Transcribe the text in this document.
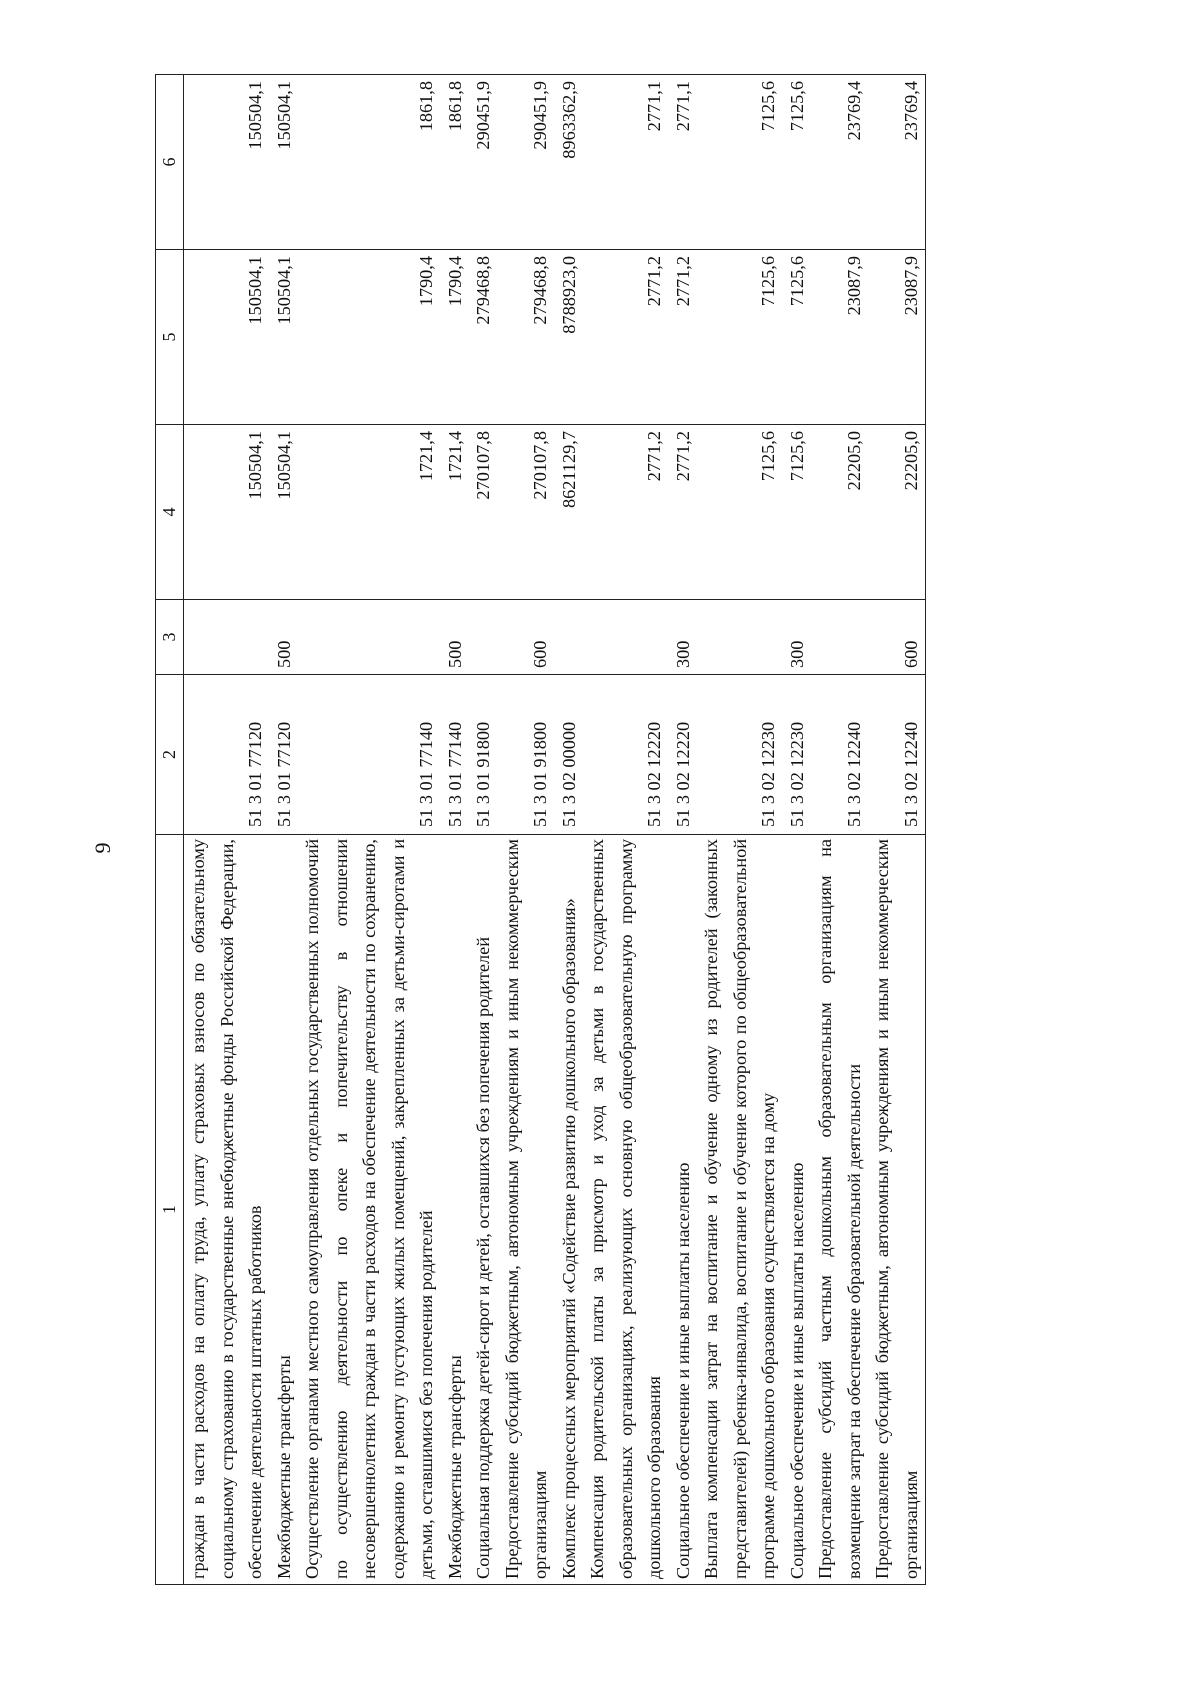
9
1	2	3	4	5	6
граждан в части расходов на оплату труда, уплату страховых взносов по обязательному социальному страхованию в государственные внебюджетные фонды Российской Федерации, обеспечение деятельности штатных работников	51 3 01 77120		150504,1	150504,1	150504,1
Межбюджетные трансферты	51 3 01 77120	500	150504,1	150504,1	150504,1
Осуществление органами местного самоуправления отдельных государственных полномочий по осуществлению деятельности по опеке и попечительству в отношении несовершеннолетних граждан в части расходов на обеспечение деятельности по сохранению, содержанию и ремонту пустующих жилых помещений, закрепленных за детьми-сиротами и детьми, оставшимися без попечения родителей	51 3 01 77140		1721,4	1790,4	1861,8
Межбюджетные трансферты	51 3 01 77140	500	1721,4	1790,4	1861,8
Социальная поддержка детей-сирот и детей, оставшихся без попечения родителей	51 3 01 91800		270107,8	279468,8	290451,9
Предоставление субсидий бюджетным, автономным учреждениям и иным некоммерческим организациям	51 3 01 91800	600	270107,8	279468,8	290451,9
Комплекс процессных мероприятий «Содействие развитию дошкольного образования»	51 3 02 00000		8621129,7	8788923,0	8963362,9
Компенсация родительской платы за присмотр и уход за детьми в государственных образовательных организациях, реализующих основную общеобразовательную программу дошкольного образования	51 3 02 12220		2771,2	2771,2	2771,1
Социальное обеспечение и иные выплаты населению	51 3 02 12220	300	2771,2	2771,2	2771,1
Выплата компенсации затрат на воспитание и обучение одному из родителей (законных представителей) ребенка-инвалида, воспитание и обучение которого по общеобразовательной программе дошкольного образования осуществляется на дому	51 3 02 12230		7125,6	7125,6	7125,6
Социальное обеспечение и иные выплаты населению	51 3 02 12230	300	7125,6	7125,6	7125,6
Предоставление субсидий частным дошкольным образовательным организациям на возмещение затрат на обеспечение образовательной деятельности	51 3 02 12240		22205,0	23087,9	23769,4
Предоставление субсидий бюджетным, автономным учреждениям и иным некоммерческим организациям	51 3 02 12240	600	22205,0	23087,9	23769,4
